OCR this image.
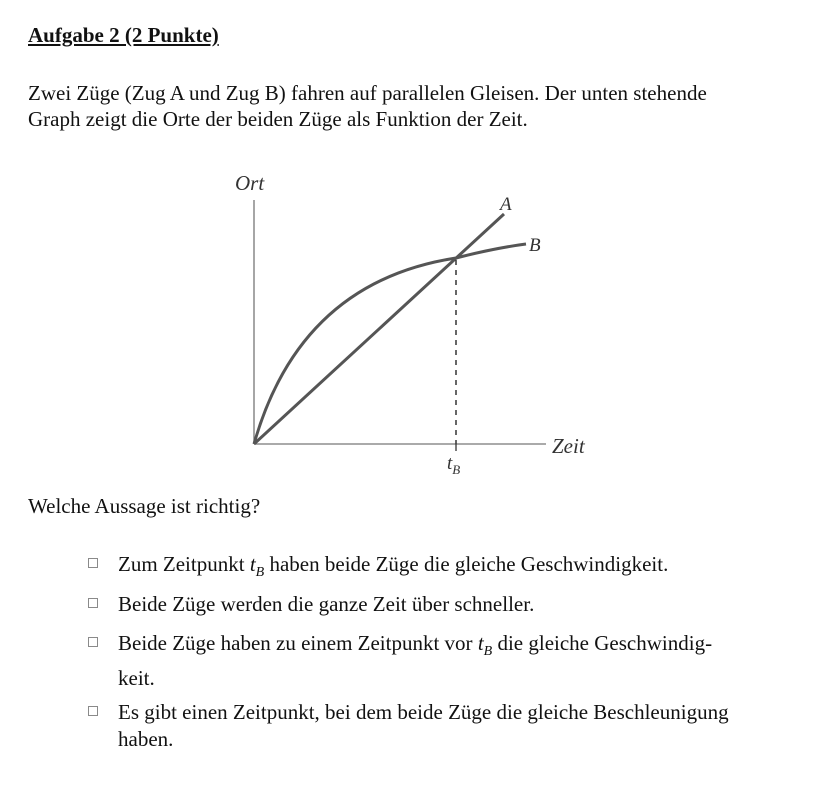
Aufgabe 2 (2 Punkte)
Zwei Züge (Zug A und Zug B) fahren auf parallelen Gleisen. Der unten stehende
Graph zeigt die Orte der beiden Züge als Funktion der Zeit.
Ort
Zeit
A
B
$t_B$
Welche Aussage ist richtig?
Zum Zeitpunkt $t_B$ haben beide Züge die gleiche Geschwindigkeit.
Beide Züge werden die ganze Zeit über schneller.
Beide Züge haben zu einem Zeitpunkt vor $t_B$ die gleiche Geschwindig-
keit.
Es gibt einen Zeitpunkt, bei dem beide Züge die gleiche Beschleunigung
haben.
